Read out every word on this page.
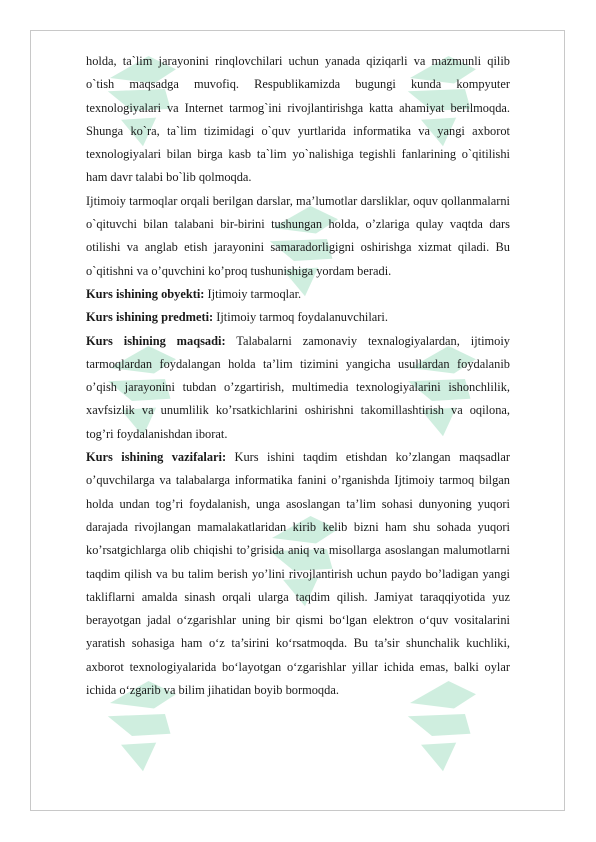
holda, ta`lim jarayonini rinqlovchilari uchun yanada qiziqarli va mazmunli qilib o`tish maqsadga muvofiq. Respublikamizda bugungi kunda kompyuter texnologiyalari va Internet tarmog`ini rivojlantirishga katta ahamiyat berilmoqda. Shunga ko`ra, ta`lim tizimidagi o`quv yurtlarida informatika va yangi axborot texnologiyalari bilan birga kasb ta`lim yo`nalishiga tegishli fanlarining o`qitilishi ham davr talabi bo`lib qolmoqda.

Ijtimoiy tarmoqlar orqali berilgan darslar, ma’lumotlar darsliklar, oquv qollanmalarni o`qituvchi bilan talabani bir-birini tushungan holda, o’zlariga qulay vaqtda dars otilishi va anglab etish jarayonini samaradorligigni oshirishga xizmat qiladi. Bu o`qitishni va o’quvchini ko’proq tushunishiga yordam beradi.

Kurs ishining obyekti: Ijtimoiy tarmoqlar.

Kurs ishining predmeti: Ijtimoiy tarmoq foydalanuvchilari.

Kurs ishining maqsadi: Talabalarni zamonaviy texnalogiyalardan, ijtimoiy tarmoqlardan foydalangan holda ta’lim tizimini yangicha usullardan foydalanib o’qish jarayonini tubdan o’zgartirish, multimedia texnologiyalarini ishonchlilik, xavfsizlik va unumlilik ko’rsatkichlarini oshirishni takomillashtirish va oqilona, tog’ri foydalanishdan iborat.

Kurs ishining vazifalari: Kurs ishini taqdim etishdan ko’zlangan maqsadlar o’quvchilarga va talabalarga informatika fanini o’rganishda Ijtimoiy tarmoq bilgan holda undan tog’ri foydalanish, unga asoslangan ta’lim sohasi dunyoning yuqori darajada rivojlangan mamalakatlaridan kirib kelib bizni ham shu sohada yuqori ko’rsatgichlarga olib chiqishi to’grisida aniq va misollarga asoslangan malumotlarni taqdim qilish va bu talim berish yo’lini rivojlantirish uchun paydo bo’ladigan yangi takliflarni amalda sinash orqali ularga taqdim qilish. Jamiyat taraqqiyotida yuz berayotgan jadal o‘zgarishlar uning bir qismi bo‘lgan elektron o‘quv vositalarini yaratish sohasiga ham o‘z ta’sirini ko‘rsatmoqda. Bu ta’sir shunchalik kuchliki, axborot texnologiyalarida bo‘layotgan o‘zgarishlar yillar ichida emas, balki oylar ichida o‘zgarib va bilim jihatidan boyib bormoqda.
